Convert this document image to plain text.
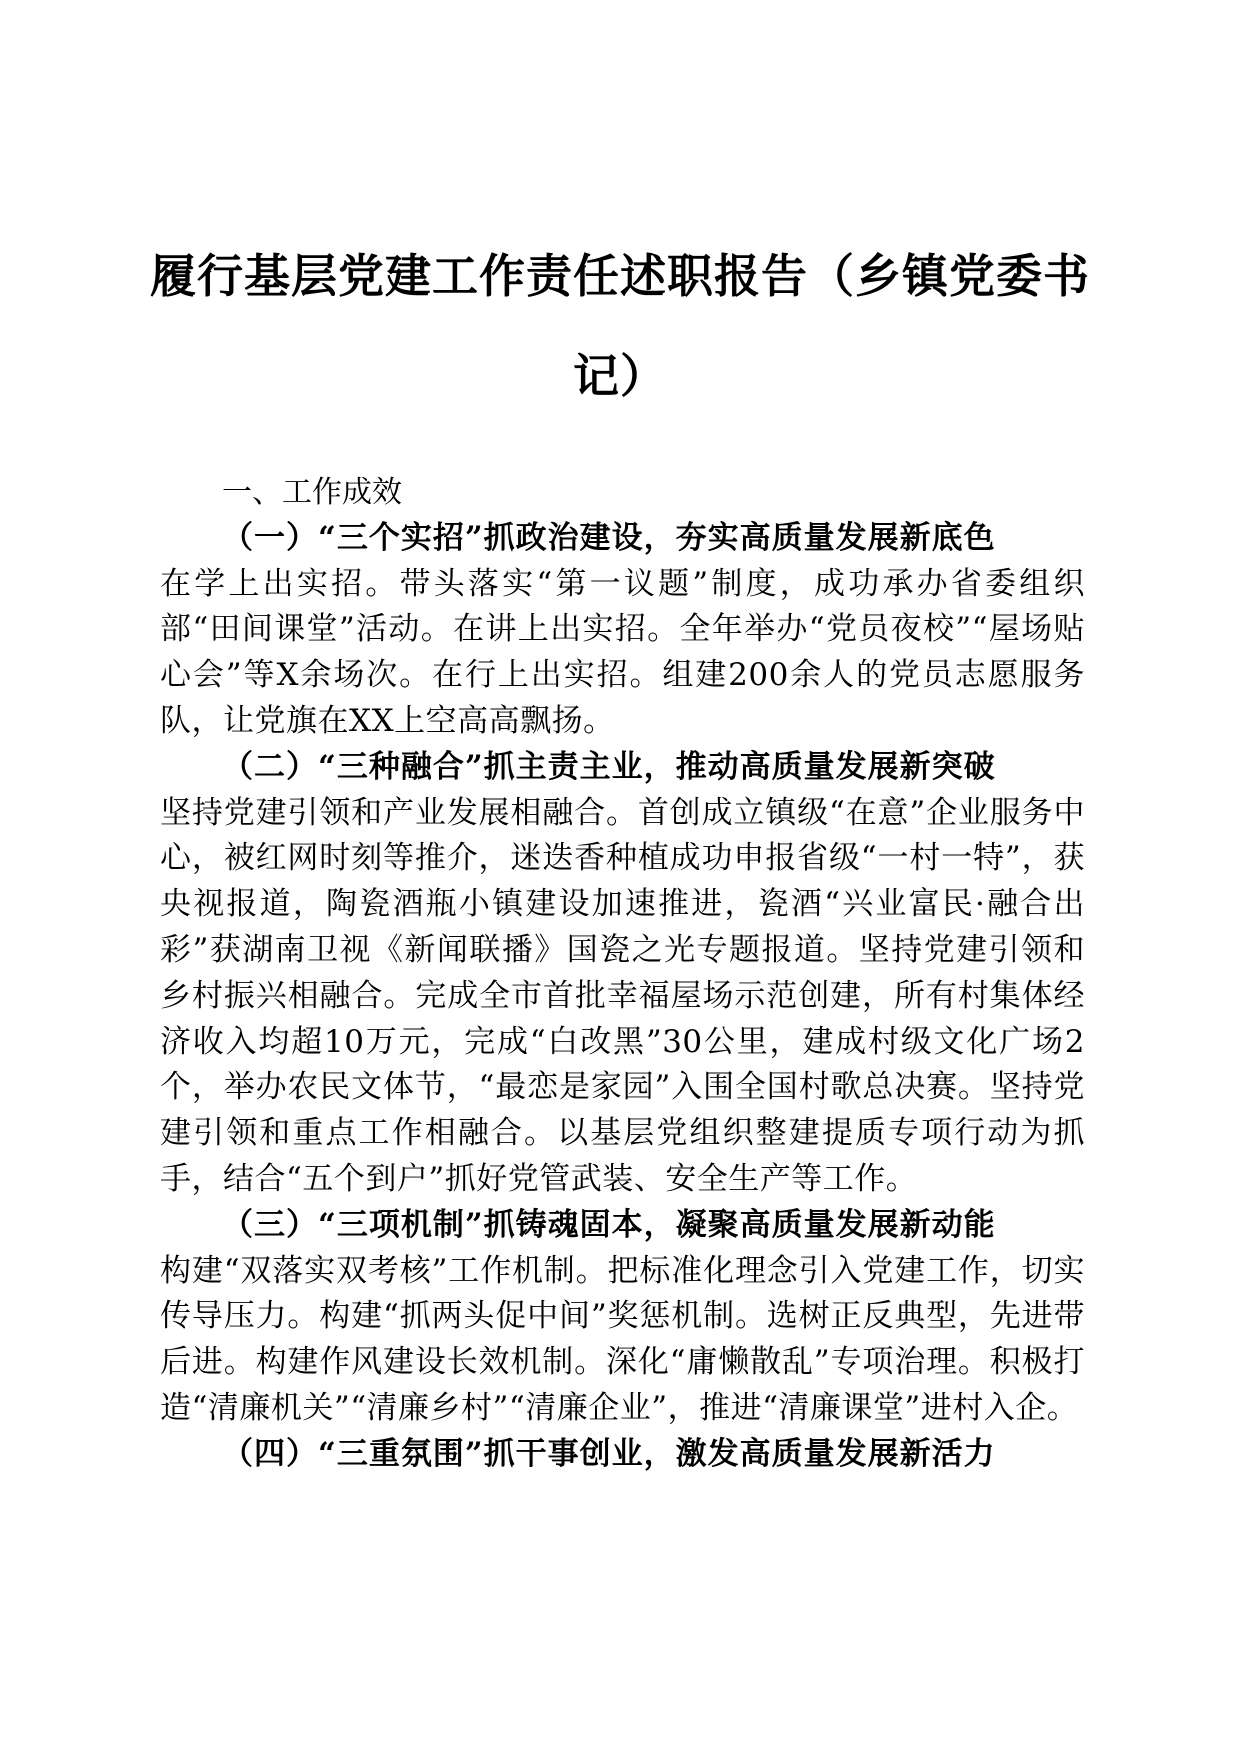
履行基层党建工作责任述职报告（乡镇党委书
记）

一、工作成效

（一）“三个实招”抓政治建设，夯实高质量发展新底色

在学上出实招。带头落实“第一议题”制度，成功承办省委组织部“田间课堂”活动。在讲上出实招。全年举办“党员夜校”“屋场贴心会”等X余场次。在行上出实招。组建200余人的党员志愿服务队，让党旗在XX上空高高飘扬。

（二）“三种融合”抓主责主业，推动高质量发展新突破

坚持党建引领和产业发展相融合。首创成立镇级“在意”企业服务中心，被红网时刻等推介，迷迭香种植成功申报省级“一村一特”，获央视报道，陶瓷酒瓶小镇建设加速推进，瓷酒“兴业富民·融合出彩”获湖南卫视《新闻联播》国瓷之光专题报道。坚持党建引领和乡村振兴相融合。完成全市首批幸福屋场示范创建，所有村集体经济收入均超10万元，完成“白改黑”30公里，建成村级文化广场2个，举办农民文体节，“最恋是家园”入围全国村歌总决赛。坚持党建引领和重点工作相融合。以基层党组织整建提质专项行动为抓手，结合“五个到户”抓好党管武装、安全生产等工作。

（三）“三项机制”抓铸魂固本，凝聚高质量发展新动能

构建“双落实双考核”工作机制。把标准化理念引入党建工作，切实传导压力。构建“抓两头促中间”奖惩机制。选树正反典型，先进带后进。构建作风建设长效机制。深化“庸懒散乱”专项治理。积极打造“清廉机关”“清廉乡村”“清廉企业”，推进“清廉课堂”进村入企。

（四）“三重氛围”抓干事创业，激发高质量发展新活力
